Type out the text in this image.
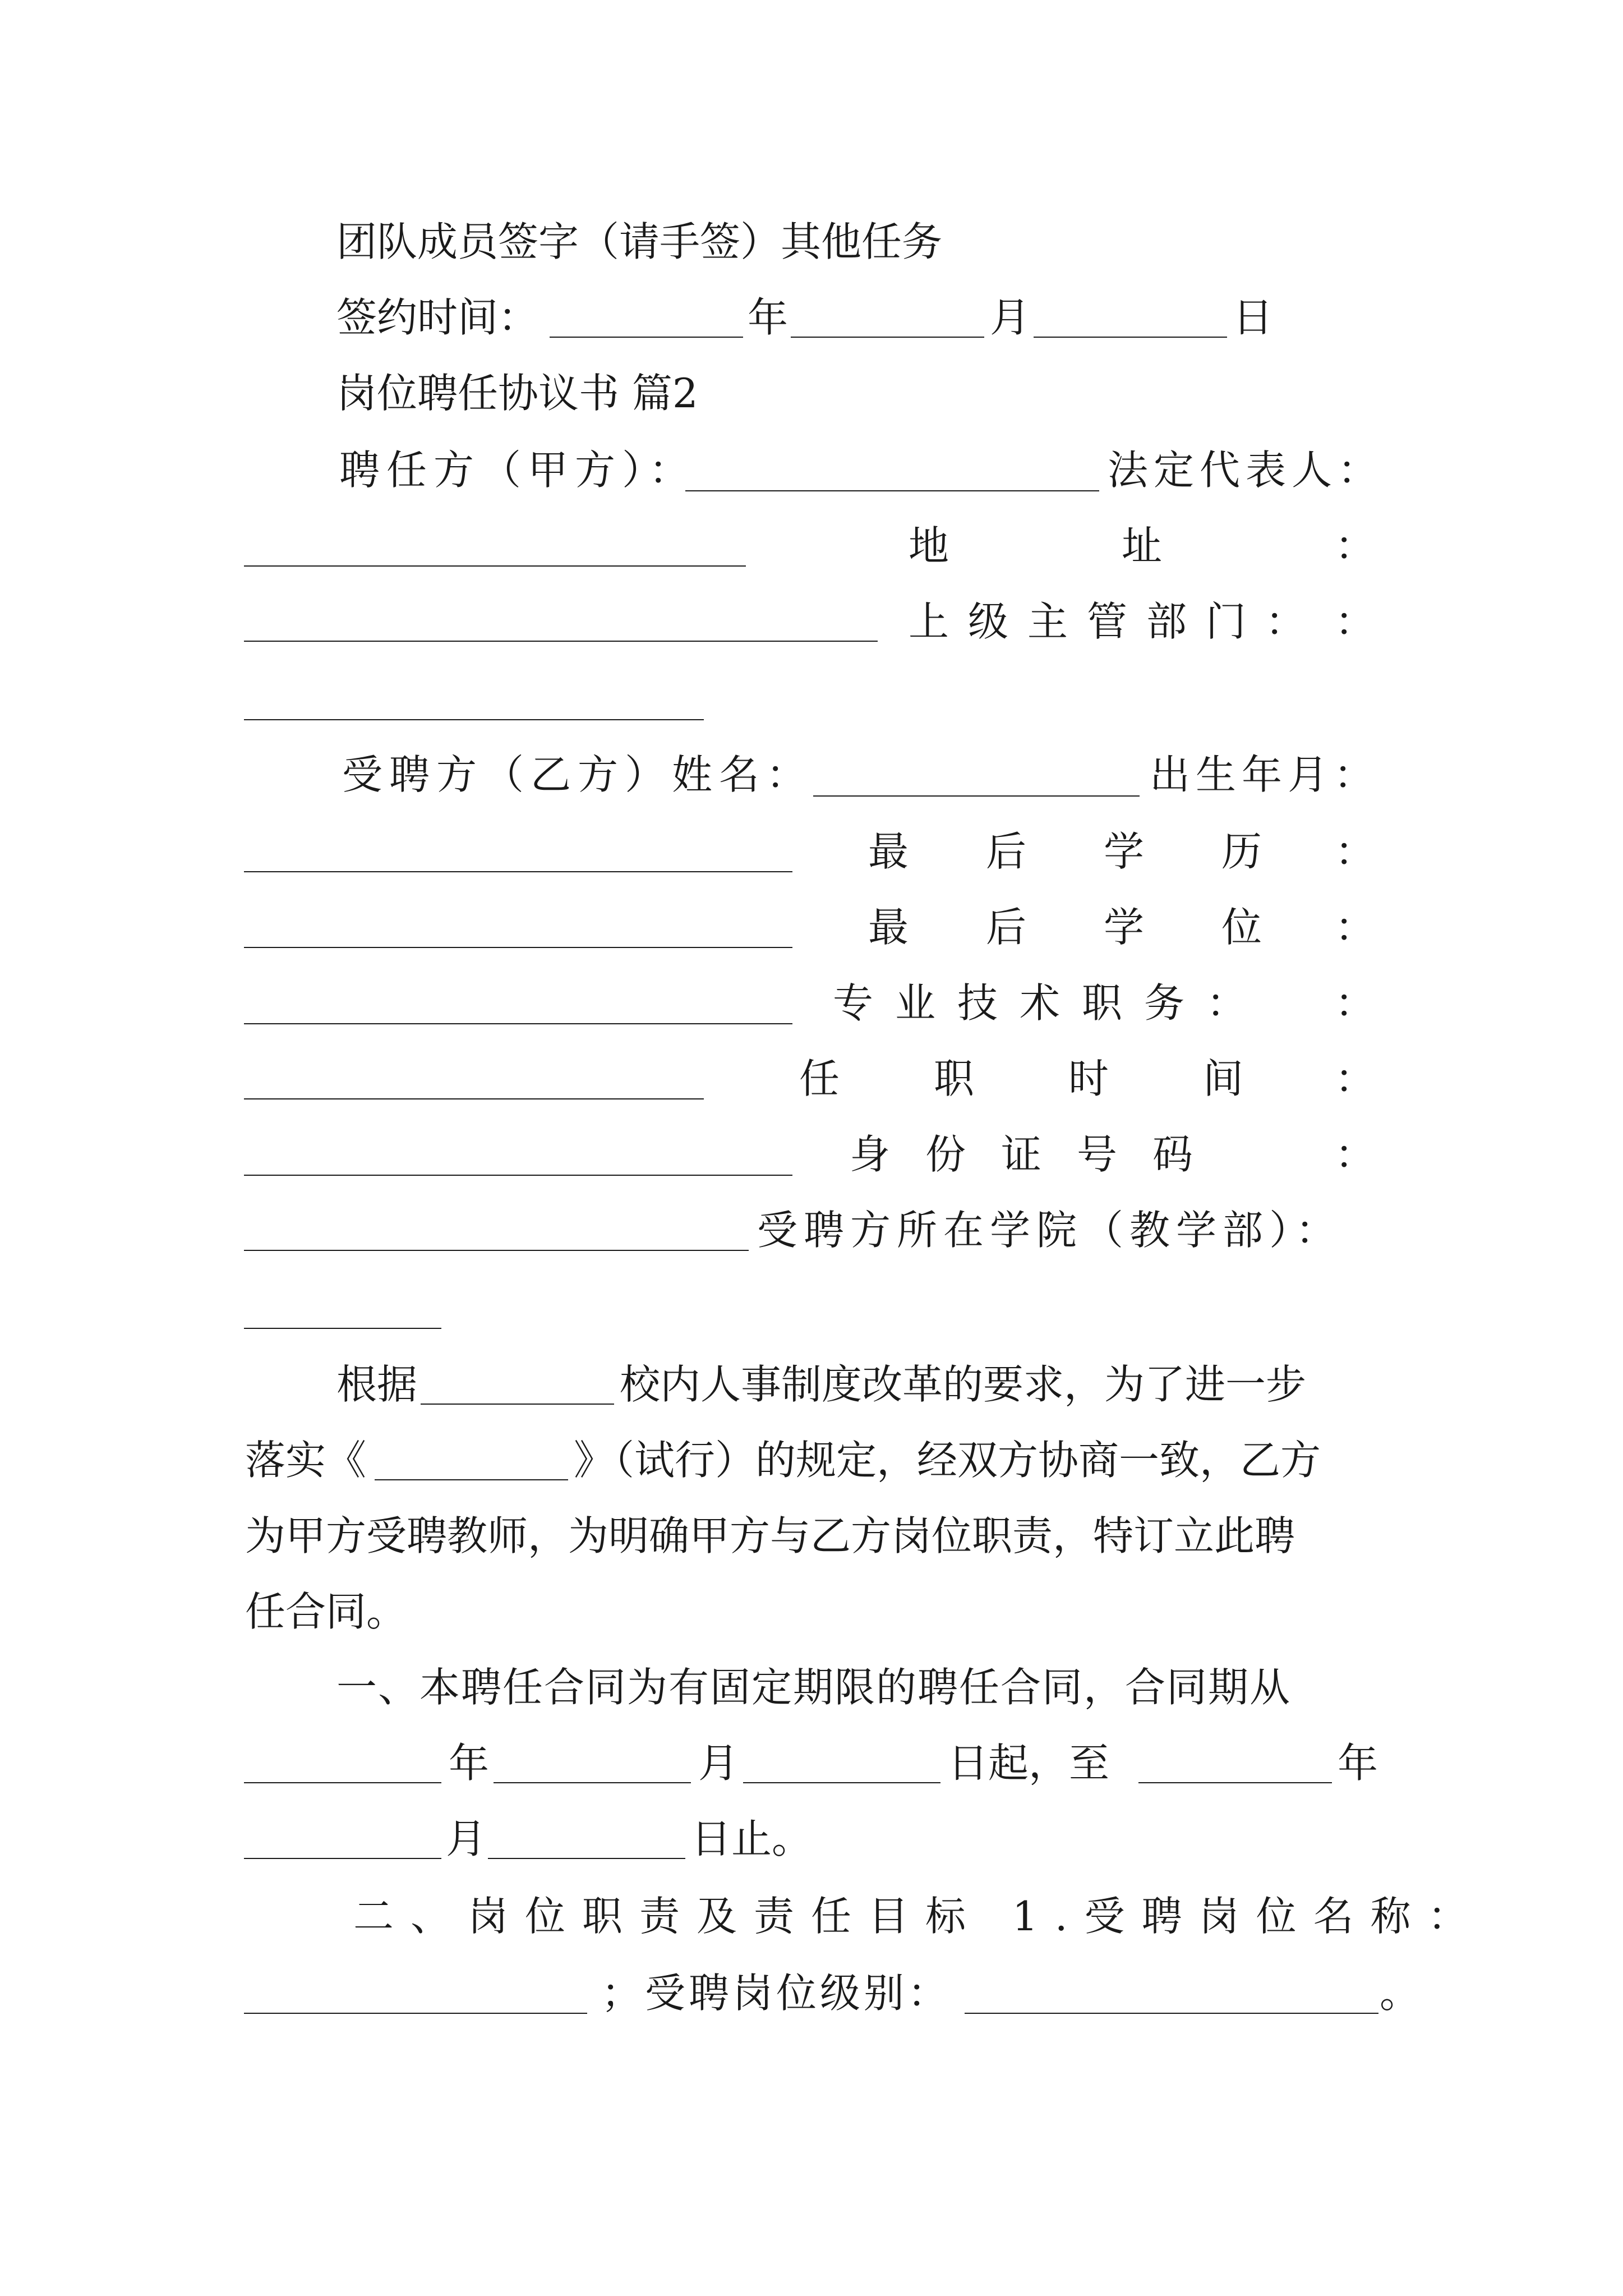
团队成员签字（请手签）其他任务
签约时间：	年	月	日
岗位聘任协议书 篇2
聘任方（甲方）：	法定代表人：
地	址	：
上级主管部门： ：
受聘方（乙方）姓名：	出生年月：
最 后 学 历 ：
最 后 学 位 ：
专业技术职务： ：
任 职 时 间 ：
身份证号码	：
受聘方所在学院（教学部）：
根据	校内人事制度改革的要求，为了进一步
落实《	》（试行）的规定，经双方协商一致，乙方
为甲方受聘教师，为明确甲方与乙方岗位职责，特订立此聘
任合同。
一、本聘任合同为有固定期限的聘任合同，合同期从
年	月	日起，至	年
月	日止。
二、岗位职责及责任目标 1.受聘岗位名称：
；受聘岗位级别：	。
